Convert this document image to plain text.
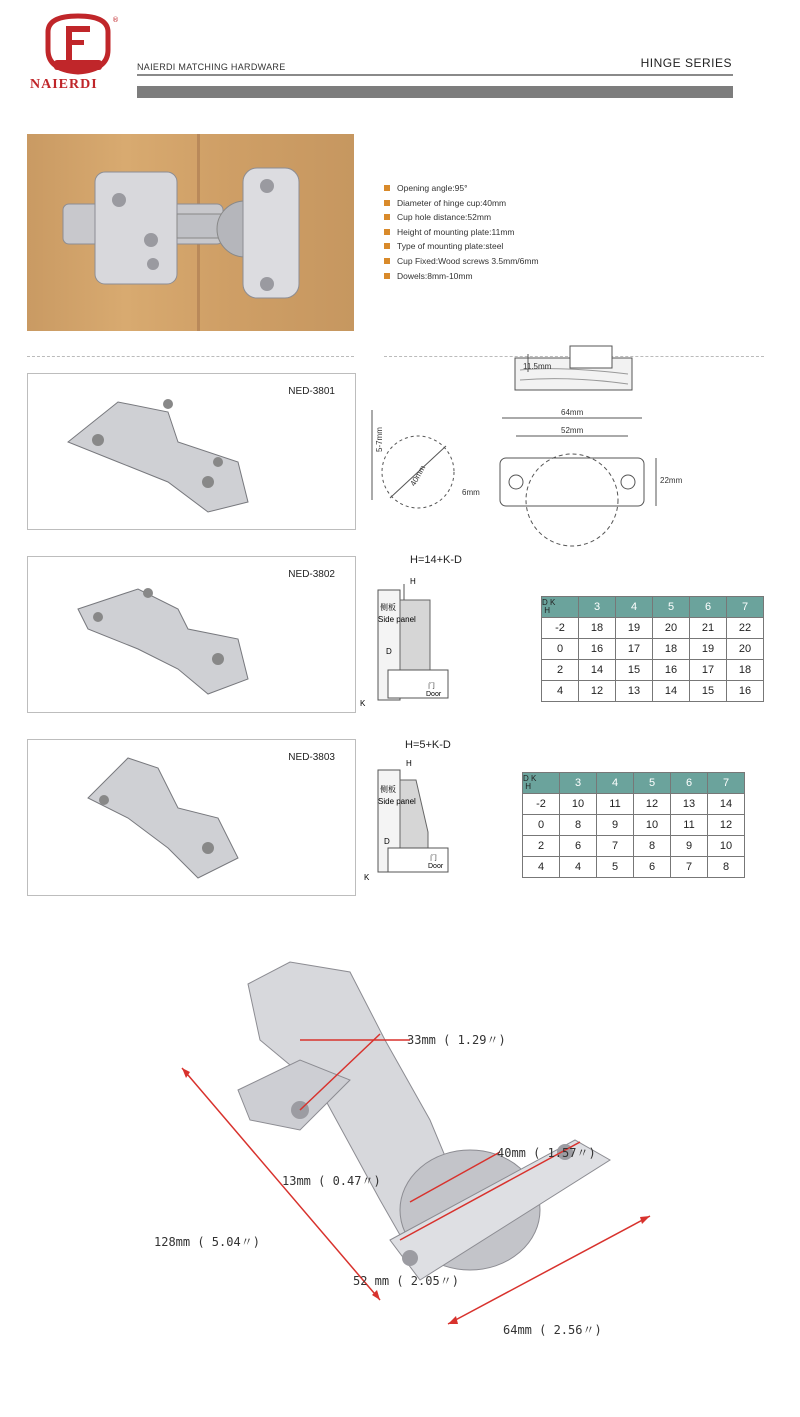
®
NAIERDI
NAIERDI MATCHING HARDWARE	HINGE SERIES
Opening angle:95°
Diameter of hinge cup:40mm
Cup hole distance:52mm
Height of mounting plate:11mm
Type of mounting plate:steel
Cup Fixed:Wood screws 3.5mm/6mm
Dowels:8mm-10mm
NED-3801
11.5mm
64mm
52mm
22mm
6mm
40mm
5-7mm
NED-3802
H=14+K-D
H
侧板
Side panel
D
门
Door
K
D K
H	3	4	5	6	7
-2	18	19	20	21	22
0	16	17	18	19	20
2	14	15	16	17	18
4	12	13	14	15	16
NED-3803
H=5+K-D
H
侧板
Side panel
D
门
Door
K
D K
H	3	4	5	6	7
-2	10	11	12	13	14
0	8	9	10	11	12
2	6	7	8	9	10
4	4	5	6	7	8
33mm ( 1.29〃)
40mm ( 1.57〃)
13mm ( 0.47〃)
128mm ( 5.04〃)
52 mm ( 2.05〃)
64mm ( 2.56〃)
